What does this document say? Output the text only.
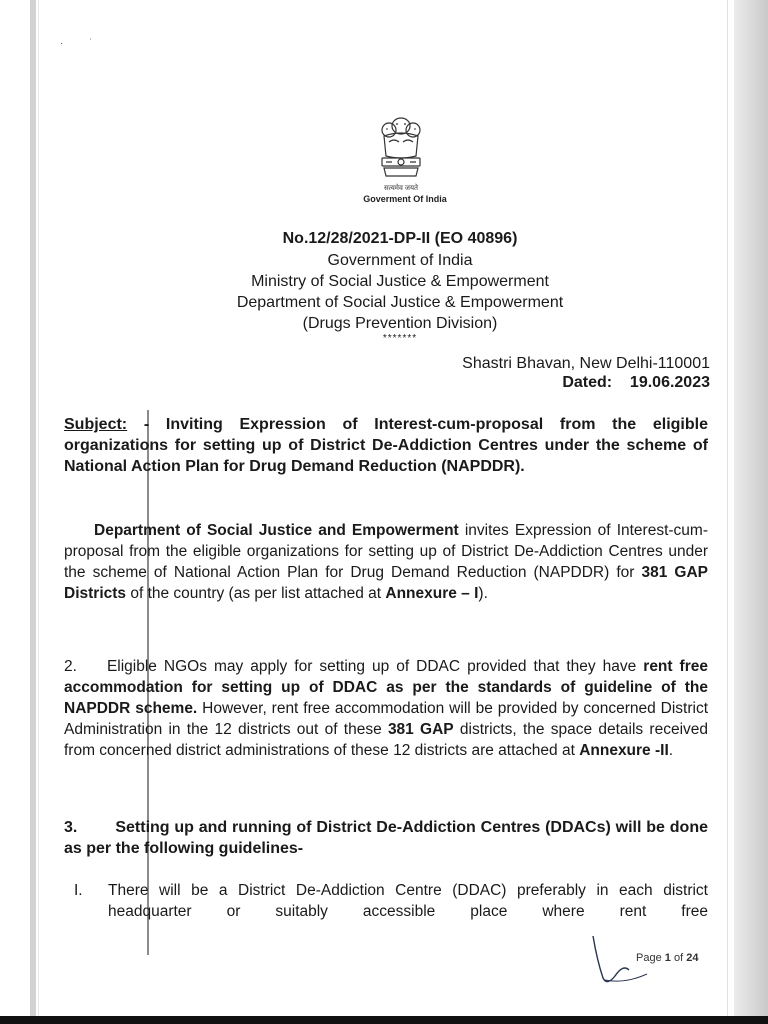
·˙
सत्यमेव जयते
Goverment Of India
No.12/28/2021-DP-II (EO 40896)
Government of India
Ministry of Social Justice & Empowerment
Department of Social Justice & Empowerment
(Drugs Prevention Division)
*******
Shastri Bhavan, New Delhi-110001
Dated: 19.06.2023
Subject: - Inviting Expression of Interest-cum-proposal from the eligible organizations for setting up of District De-Addiction Centres under the scheme of National Action Plan for Drug Demand Reduction (NAPDDR).
Department of Social Justice and Empowerment invites Expression of Interest-cum-proposal from the eligible organizations for setting up of District De-Addiction Centres under the scheme of National Action Plan for Drug Demand Reduction (NAPDDR) for 381 GAP Districts of the country (as per list attached at Annexure – I).
2. Eligible NGOs may apply for setting up of DDAC provided that they have rent free accommodation for setting up of DDAC as per the standards of guideline of the NAPDDR scheme. However, rent free accommodation will be provided by concerned District Administration in the 12 districts out of these 381 GAP districts, the space details received from concerned district administrations of these 12 districts are attached at Annexure -II.
3. Setting up and running of District De-Addiction Centres (DDACs) will be done as per the following guidelines-
I. There will be a District De-Addiction Centre (DDAC) preferably in each district headquarter or suitably accessible place where rent free
Page 1 of 24
